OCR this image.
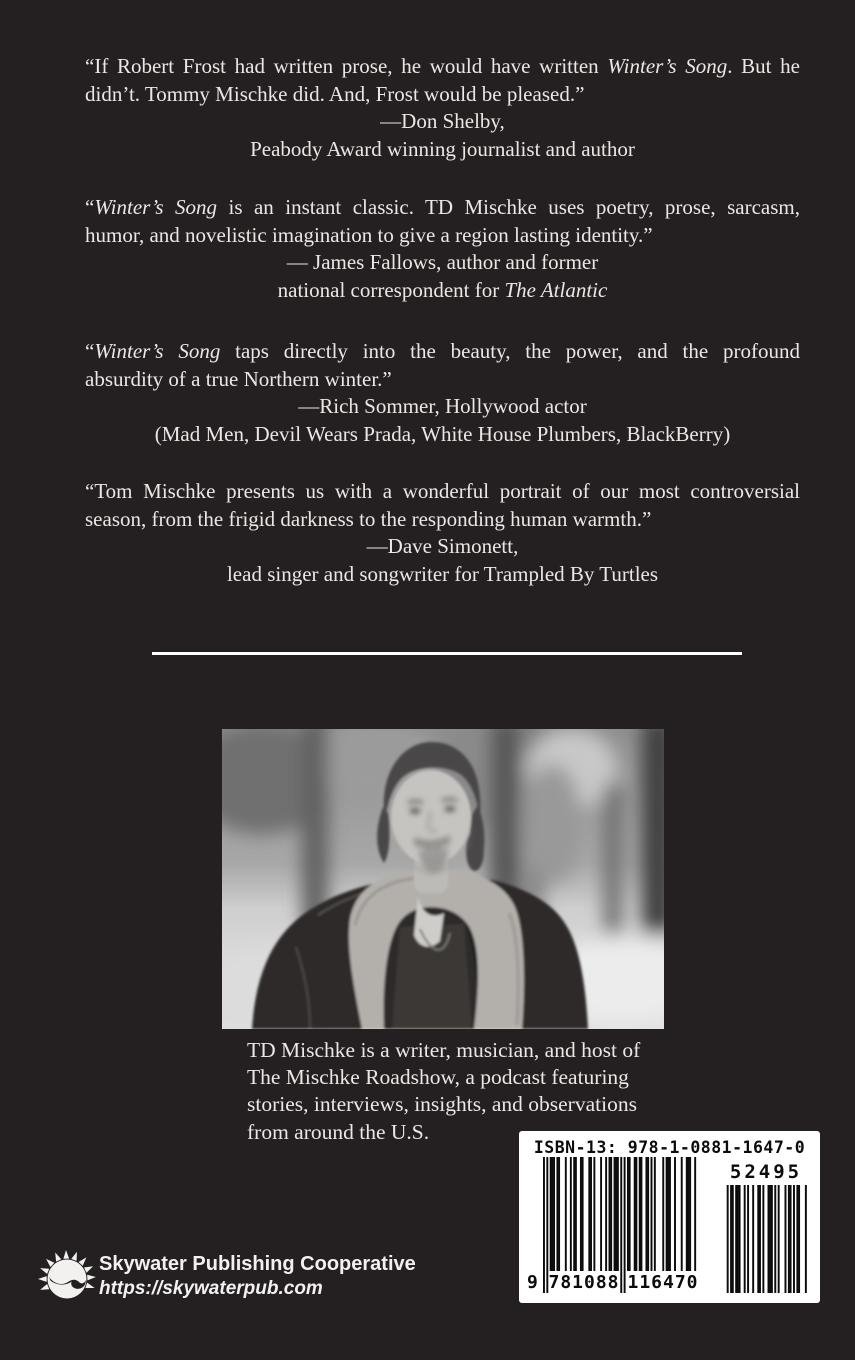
“If Robert Frost had written prose, he would have written Winter’s Song. But he
didn’t. Tommy Mischke did. And, Frost would be pleased.”
—Don Shelby,
Peabody Award winning journalist and author
“Winter’s Song is an instant classic. TD Mischke uses poetry, prose, sarcasm,
humor, and novelistic imagination to give a region lasting identity.”
— James Fallows, author and former
national correspondent for The Atlantic
“Winter’s Song taps directly into the beauty, the power, and the profound
absurdity of a true Northern winter.”
—Rich Sommer, Hollywood actor
(Mad Men, Devil Wears Prada, White House Plumbers, BlackBerry)
“Tom Mischke presents us with a wonderful portrait of our most controversial
season, from the frigid darkness to the responding human warmth.”
—Dave Simonett,
lead singer and songwriter for Trampled By Turtles
TD Mischke is a writer, musician, and host of
The Mischke Roadshow, a podcast featuring
stories, interviews, insights, and observations
from around the U.S.
ISBN-13: 978-1-0881-1647-0
52495
9 781088 116470
Skywater Publishing Cooperative
https://skywaterpub.com
